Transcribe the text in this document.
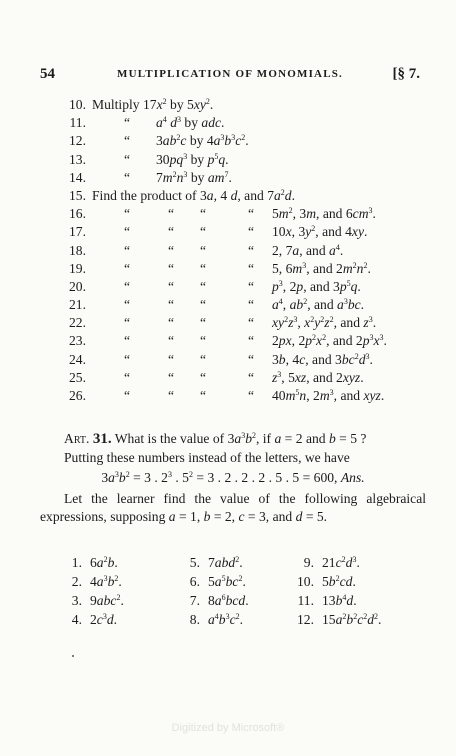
54	MULTIPLICATION OF MONOMIALS.	[§ 7.
10. Multiply $17x^2$ by $5xy^2$.
11.	“ $a^4$ $d^3$ by adc.
12.	“ $3ab^2c$ by $4a^3b^3c^2$.
13.	“ $30pq^3$ by $p^5q$.
14.	“ $7m^2n^3$ by $am^7$.
15. Find the product of 3a, 4 d, and $7a^2d$.
16.	“	“ “	“ $5m^2$, 3m, and $6cm^3$.
17.	“	“ “	“ 10x, $3y^2$, and 4xy.
18.	“	“ “	“ 2, 7a, and $a^4$.
19.	“	“ “	“ 5, $6m^3$, and $2m^2n^2$.
20.	“	“ “	“ $p^3$, 2p, and $3p^5q$.
21.	“	“ “	“ $a^4$, $ab^2$, and $a^3bc$.
22.	“	“ “	“ $xy^2z^3$, $x^2y^2z^2$, and $z^3$.
23.	“	“ “	“ 2px, $2p^2x^2$, and $2p^3x^3$.
24.	“	“ “	“ 3b, 4c, and $3bc^2d^3$.
25.	“	“ “	“ $z^3$, 5xz, and 2xyz.
26.	“	“ “	“ $40m^5n$, $2m^3$, and xyz.
Art. 31. What is the value of $3a^3b^2$, if a = 2 and b = 5 ?
Putting these numbers instead of the letters, we have
$3a^3b^2 = 3$ . $2^3$ . $5^2 = 3$ . 2 . 2 . 2 . 5 . 5 = 600, Ans.
Let the learner find the value of the following algebraical expressions, supposing a = 1, b = 2, c = 3, and d = 5.
1. $6a^2b$.	5. 7abd$^2$.	9. $21c^2d^3$.
2. $4a^3b^2$.	6. $5a^5bc^2$.	10. $5b^2cd$.
3. 9abc$^2$.	7. $8a^6bcd$.	11. $13b^4d$.
4. $2c^3d$.	8. $a^4b^3c^2$.	12. $15a^2b^2c^2d^2$.
Digitized by Microsoft®
